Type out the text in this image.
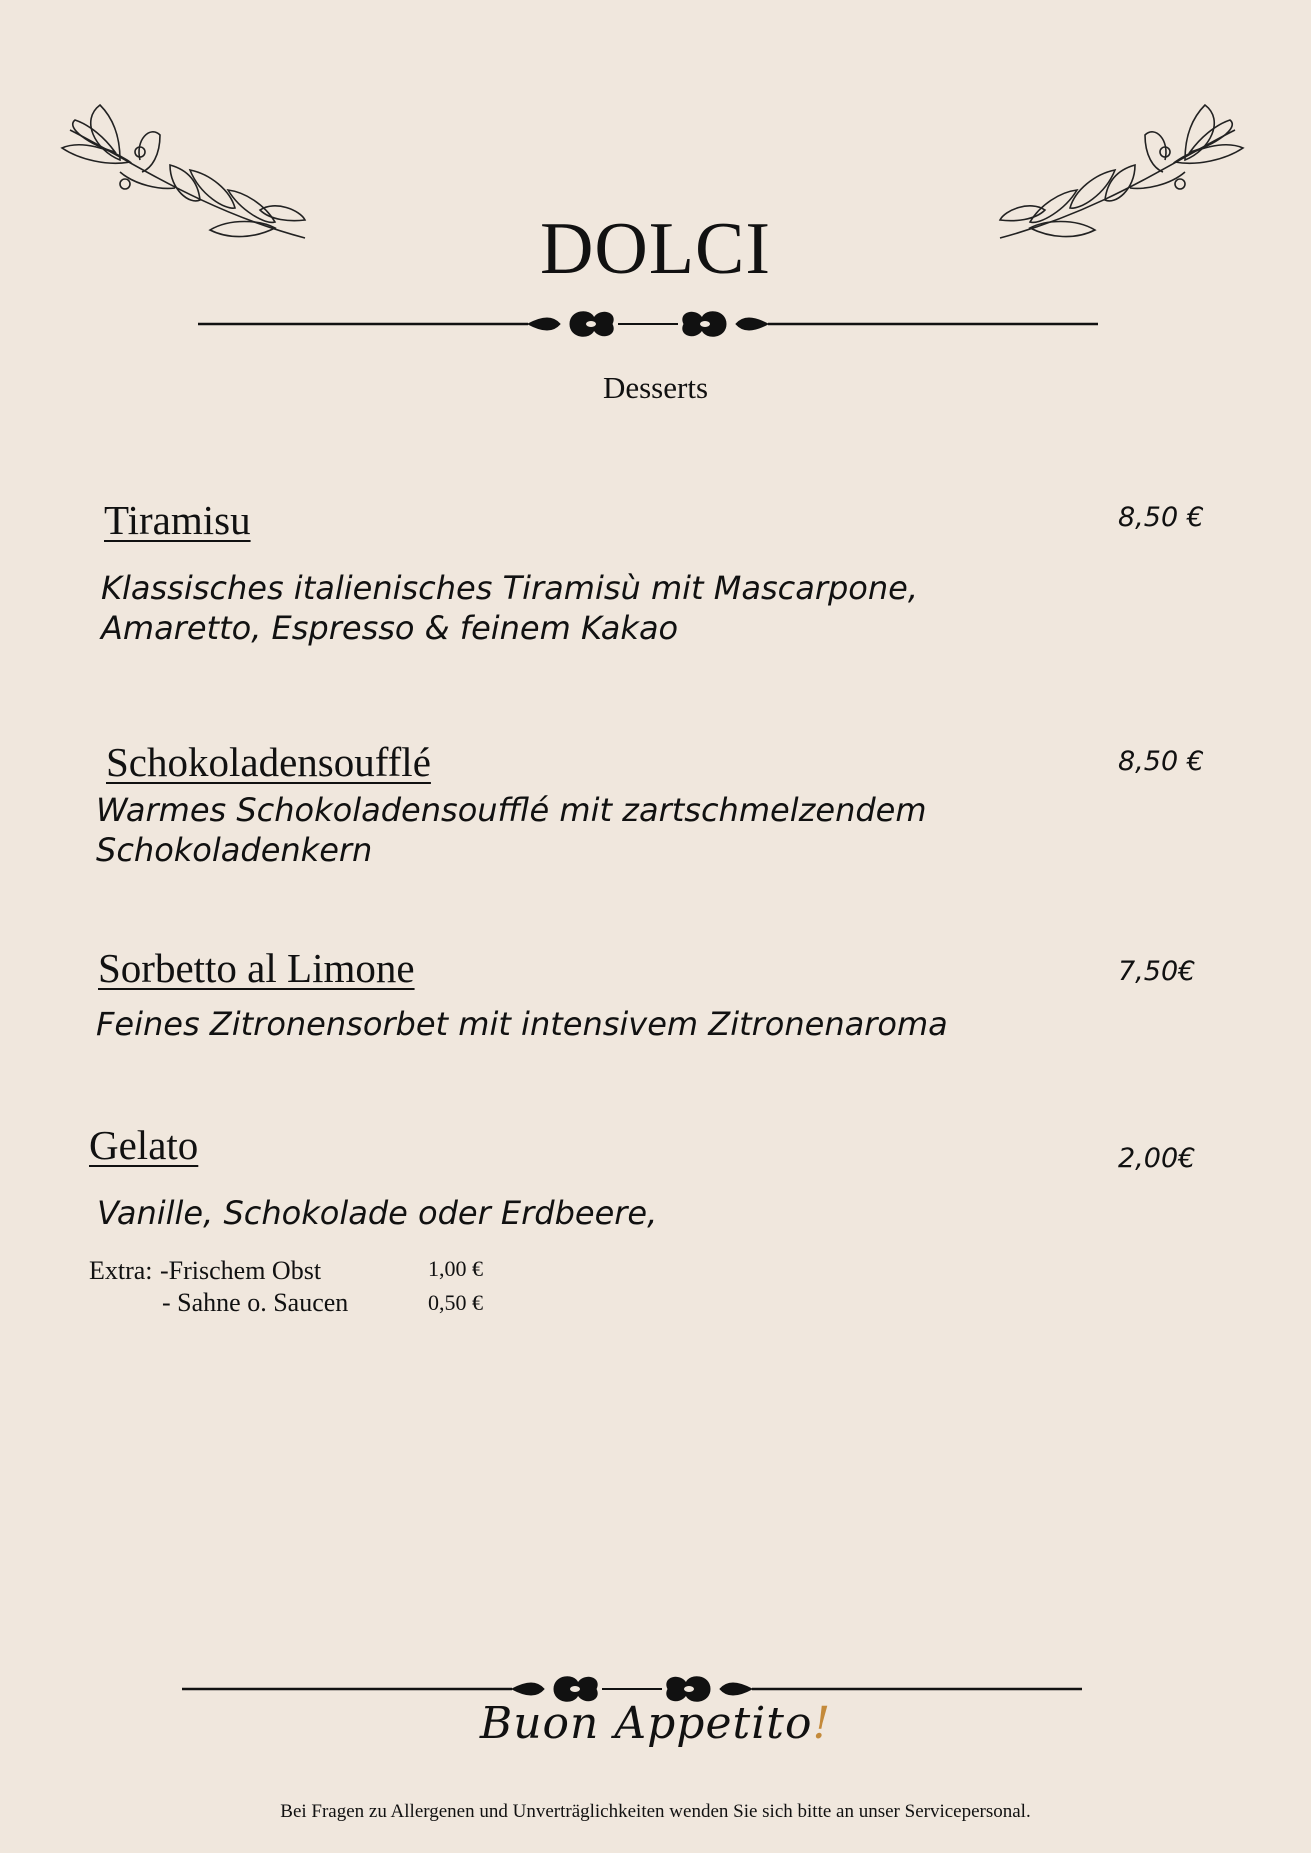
DOLCI
Desserts
Tiramisu	8,50 €
Klassisches italienisches Tiramisù mit Mascarpone,
Amaretto, Espresso & feinem Kakao
Schokoladensoufflé	8,50 €
Warmes Schokoladensoufflé mit zartschmelzendem
Schokoladenkern
Sorbetto al Limone	7,50€
Feines Zitronensorbet mit intensivem Zitronenaroma
Gelato	2,00€
Vanille, Schokolade oder Erdbeere,
Extra: -Frischem Obst	1,00 €
- Sahne o. Saucen	0,50 €
Buon Appetito!
Bei Fragen zu Allergenen und Unverträglichkeiten wenden Sie sich bitte an unser Servicepersonal.
